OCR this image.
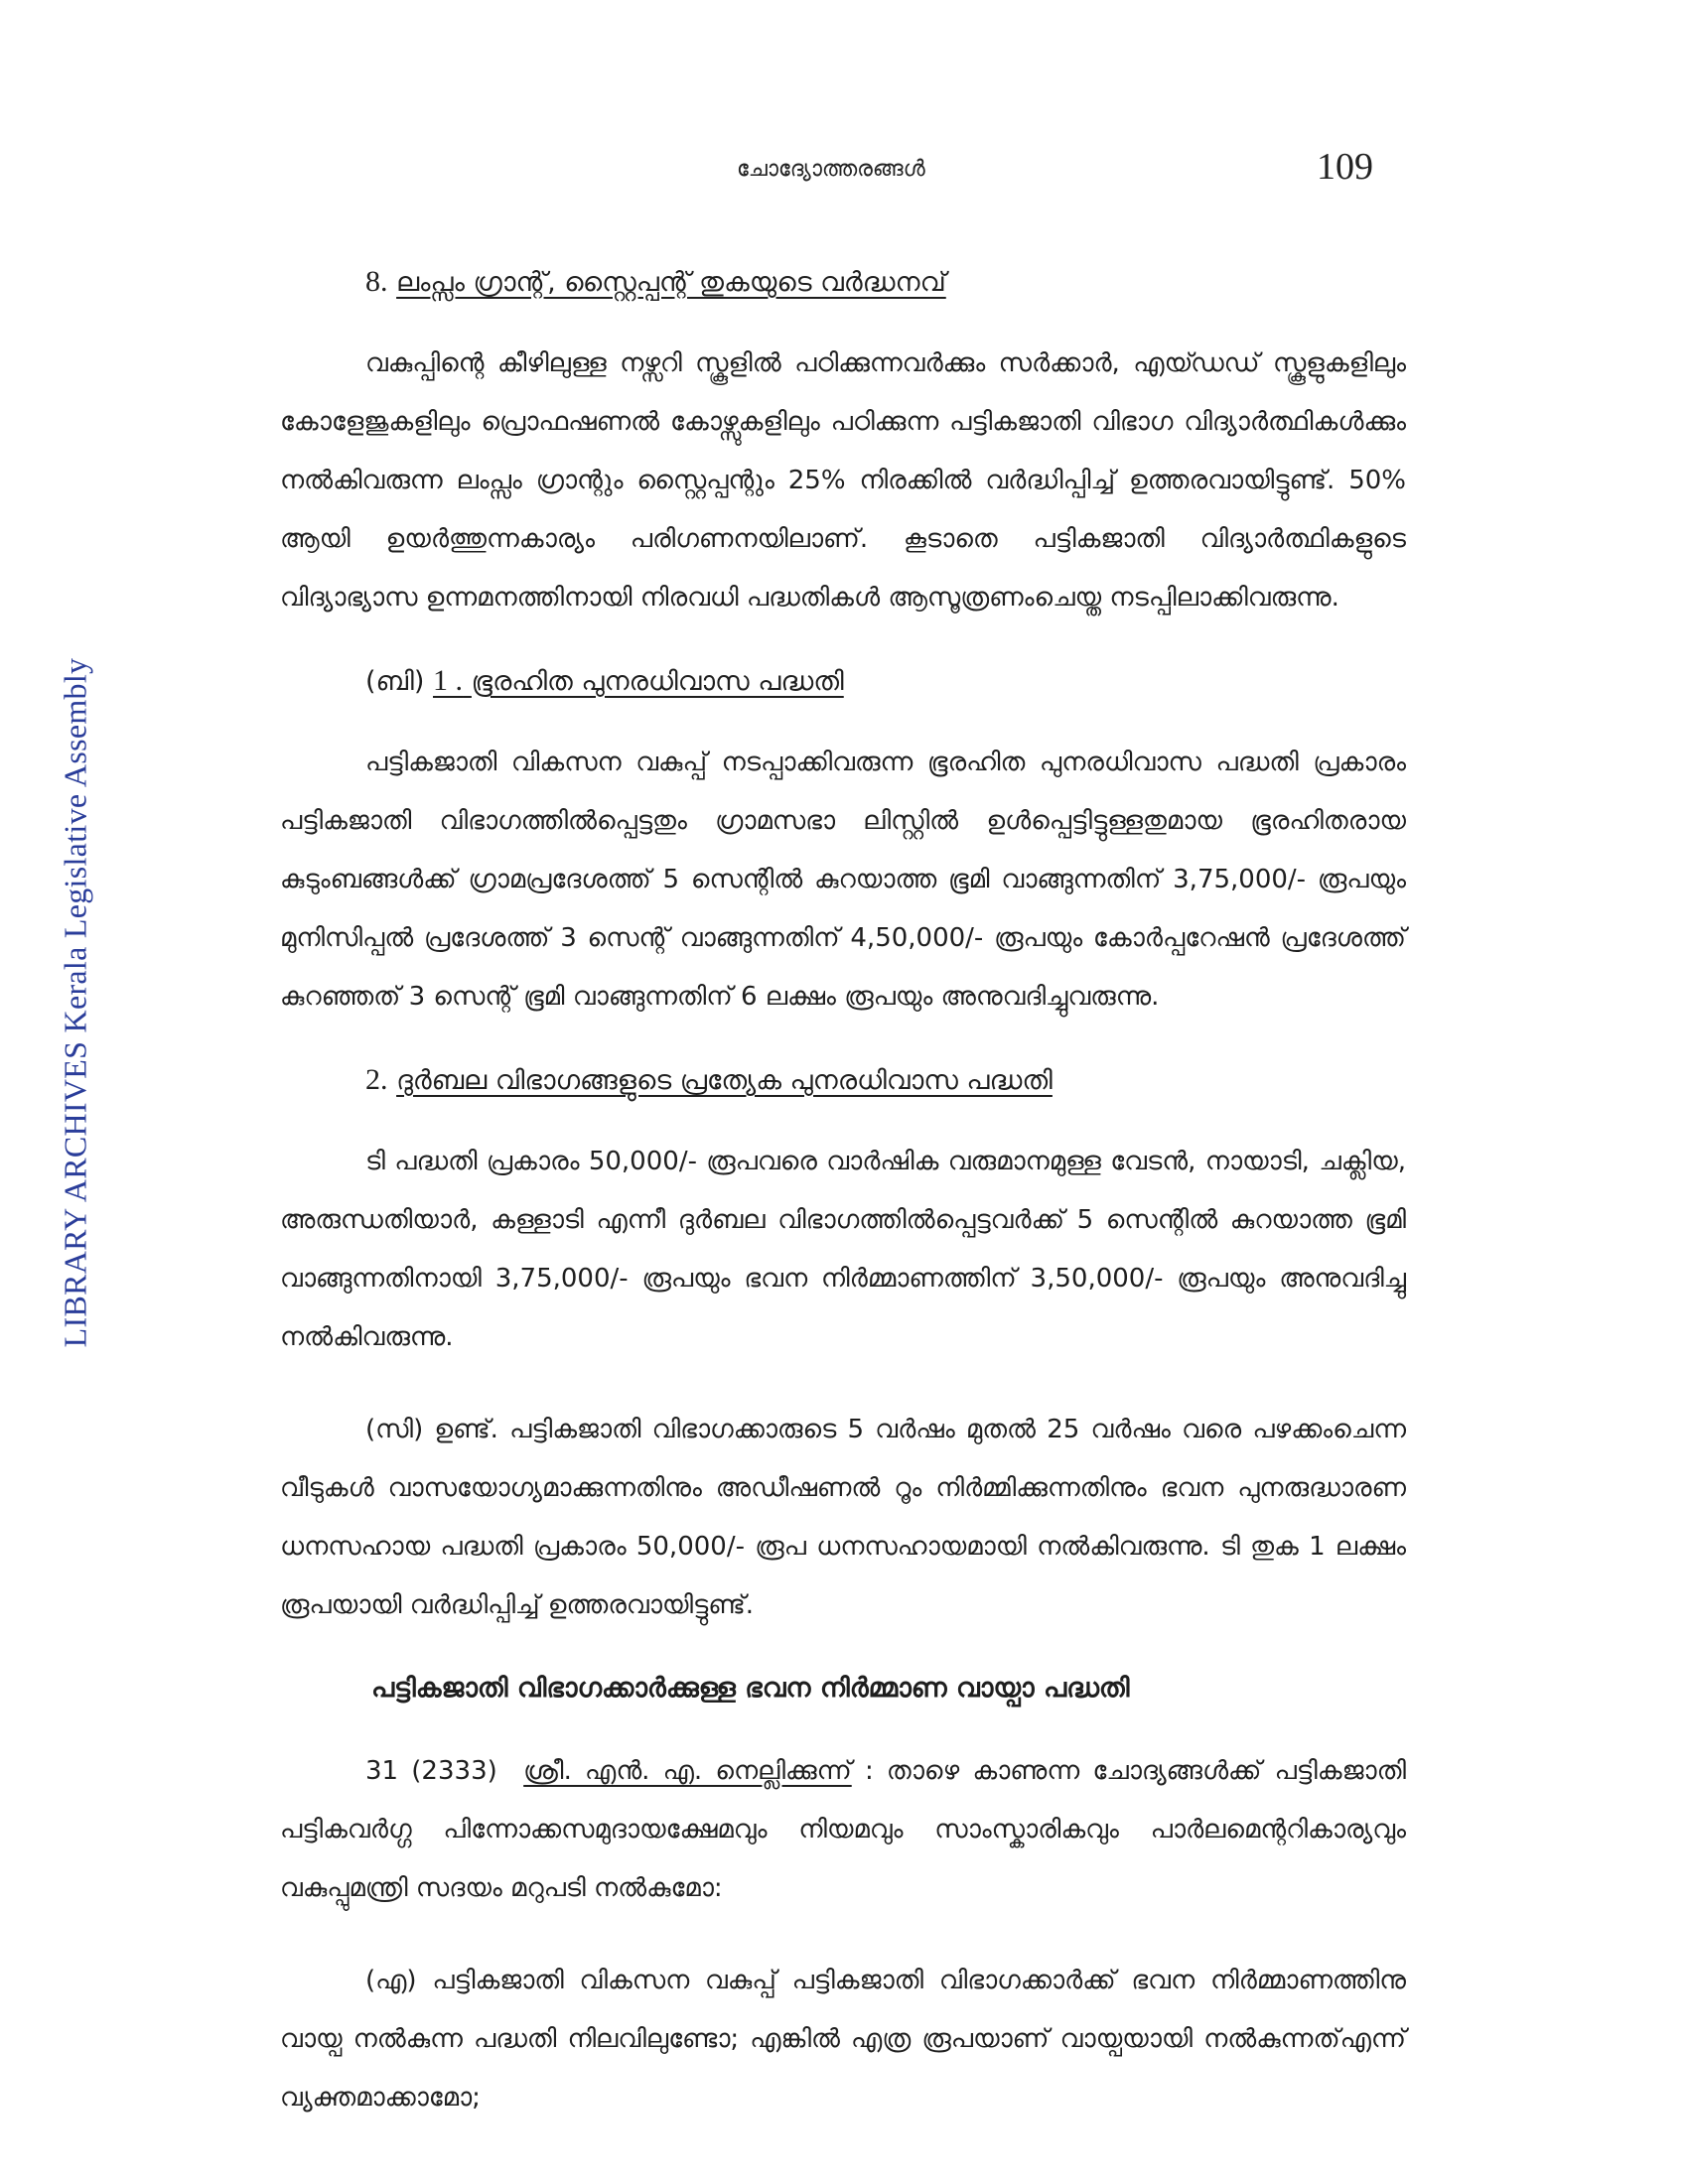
LIBRARY ARCHIVES Kerala Legislative Assembly
ചോദ്യോത്തരങ്ങൾ	109
8. ലംപ്സം ഗ്രാന്റ്, സ്റ്റൈപ്പന്റ് തുകയുടെ വർദ്ധനവ്

വകുപ്പിന്റെ കീഴിലുള്ള നഴ്സറി സ്കൂളിൽ പഠിക്കുന്നവർക്കും സർക്കാർ, എയ്ഡഡ് സ്കൂളുകളിലും കോളേജുകളിലും പ്രൊഫഷണൽ കോഴ്സുകളിലും പഠിക്കുന്ന പട്ടികജാതി വിഭാഗ വിദ്യാർത്ഥികൾക്കും നൽകിവരുന്ന ലംപ്സം ഗ്രാന്റും സ്റ്റൈപ്പന്റും 25% നിരക്കിൽ വർദ്ധിപ്പിച്ച് ഉത്തരവായിട്ടുണ്ട്. 50% ആയി ഉയർത്തുന്നകാര്യം പരിഗണനയിലാണ്. കൂടാതെ പട്ടികജാതി വിദ്യാർത്ഥികളുടെ വിദ്യാഭ്യാസ ഉന്നമനത്തിനായി നിരവധി പദ്ധതികൾ ആസൂത്രണംചെയ്ത നടപ്പിലാക്കിവരുന്നു.

(ബി) 1 . ഭൂരഹിത പുനരധിവാസ പദ്ധതി

പട്ടികജാതി വികസന വകുപ്പ് നടപ്പാക്കിവരുന്ന ഭൂരഹിത പുനരധിവാസ പദ്ധതി പ്രകാരം പട്ടികജാതി വിഭാഗത്തിൽപ്പെട്ടതും ഗ്രാമസഭാ ലിസ്റ്റിൽ ഉൾപ്പെട്ടിട്ടുള്ളതുമായ ഭൂരഹിതരായ കുടുംബങ്ങൾക്ക് ഗ്രാമപ്രദേശത്ത് 5 സെന്റിൽ കുറയാത്ത ഭൂമി വാങ്ങുന്നതിന് 3,75,000/- രൂപയും മുനിസിപ്പൽ പ്രദേശത്ത് 3 സെന്റ് വാങ്ങുന്നതിന് 4,50,000/- രൂപയും കോർപ്പറേഷൻ പ്രദേശത്ത് കുറഞ്ഞത് 3 സെന്റ് ഭൂമി വാങ്ങുന്നതിന് 6 ലക്ഷം രൂപയും അനുവദിച്ചുവരുന്നു.

2. ദുർബല വിഭാഗങ്ങളുടെ പ്രത്യേക പുനരധിവാസ പദ്ധതി

ടി പദ്ധതി പ്രകാരം 50,000/- രൂപവരെ വാർഷിക വരുമാനമുള്ള വേടൻ, നായാടി, ചക്ലിയ, അരുന്ധതിയാർ, കള്ളാടി എന്നീ ദുർബല വിഭാഗത്തിൽപ്പെട്ടവർക്ക് 5 സെന്റിൽ കുറയാത്ത ഭൂമി വാങ്ങുന്നതിനായി 3,75,000/- രൂപയും ഭവന നിർമ്മാണത്തിന് 3,50,000/- രൂപയും അനുവദിച്ചു നൽകിവരുന്നു.

(സി) ഉണ്ട്. പട്ടികജാതി വിഭാഗക്കാരുടെ 5 വർഷം മുതൽ 25 വർഷം വരെ പഴക്കംചെന്ന വീടുകൾ വാസയോഗ്യമാക്കുന്നതിനും അഡീഷണൽ റൂം നിർമ്മിക്കുന്നതിനും ഭവന പുനരുദ്ധാരണ ധനസഹായ പദ്ധതി പ്രകാരം 50,000/- രൂപ ധനസഹായമായി നൽകിവരുന്നു. ടി തുക 1 ലക്ഷം രൂപയായി വർദ്ധിപ്പിച്ച് ഉത്തരവായിട്ടുണ്ട്.

പട്ടികജാതി വിഭാഗക്കാർക്കുള്ള ഭവന നിർമ്മാണ വായ്പാ പദ്ധതി

31 (2333) ശ്രീ. എൻ. എ. നെല്ലിക്കുന്ന് : താഴെ കാണുന്ന ചോദ്യങ്ങൾക്ക് പട്ടികജാതി പട്ടികവർഗ്ഗ പിന്നോക്കസമുദായക്ഷേമവും നിയമവും സാംസ്കാരികവും പാർലമെന്ററികാര്യവും വകുപ്പുമന്ത്രി സദയം മറുപടി നൽകുമോ:

(എ) പട്ടികജാതി വികസന വകുപ്പ് പട്ടികജാതി വിഭാഗക്കാർക്ക് ഭവന നിർമ്മാണത്തിനു വായ്പ നൽകുന്ന പദ്ധതി നിലവിലുണ്ടോ; എങ്കിൽ എത്ര രൂപയാണ് വായ്പയായി നൽകുന്നത്എന്ന് വ്യക്തമാക്കാമോ;
